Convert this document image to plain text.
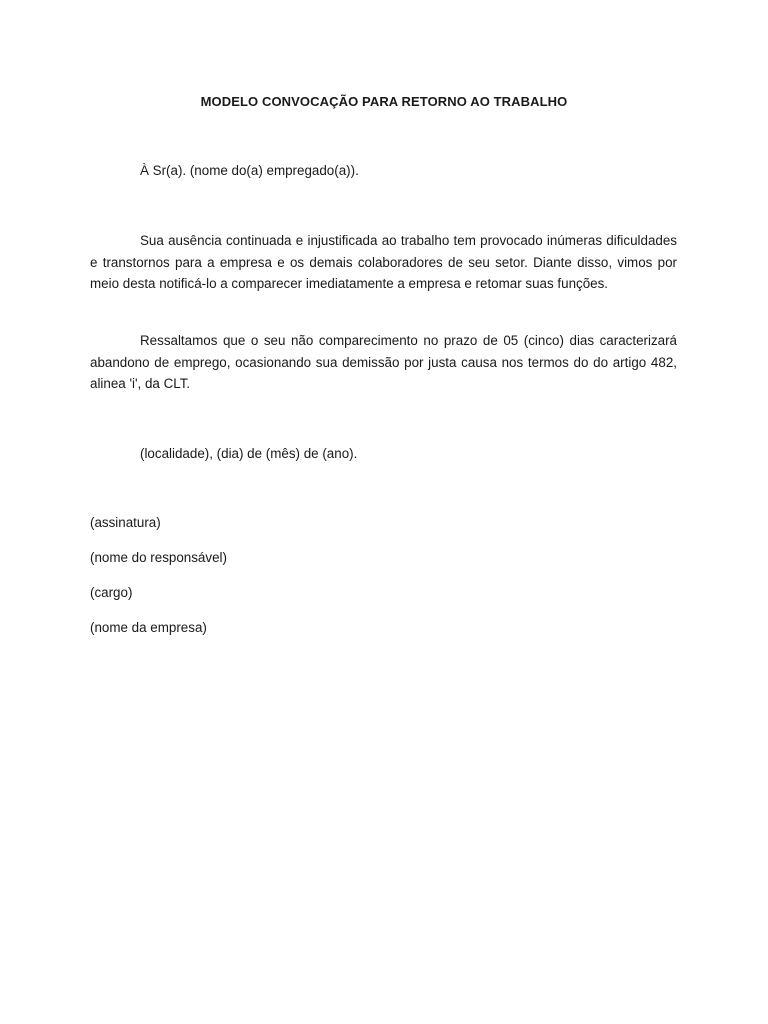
MODELO CONVOCAÇÃO PARA RETORNO AO TRABALHO
À Sr(a). (nome do(a) empregado(a)).

Sua ausência continuada e injustificada ao trabalho tem provocado inúmeras dificuldades e transtornos para a empresa e os demais colaboradores de seu setor. Diante disso, vimos por meio desta notificá-lo a comparecer imediatamente a empresa e retomar suas funções.

Ressaltamos que o seu não comparecimento no prazo de 05 (cinco) dias caracterizará abandono de emprego, ocasionando sua demissão por justa causa nos termos do do artigo 482, alinea 'i', da CLT.

(localidade), (dia) de (mês) de (ano).
(assinatura)
(nome do responsável)
(cargo)
(nome da empresa)
